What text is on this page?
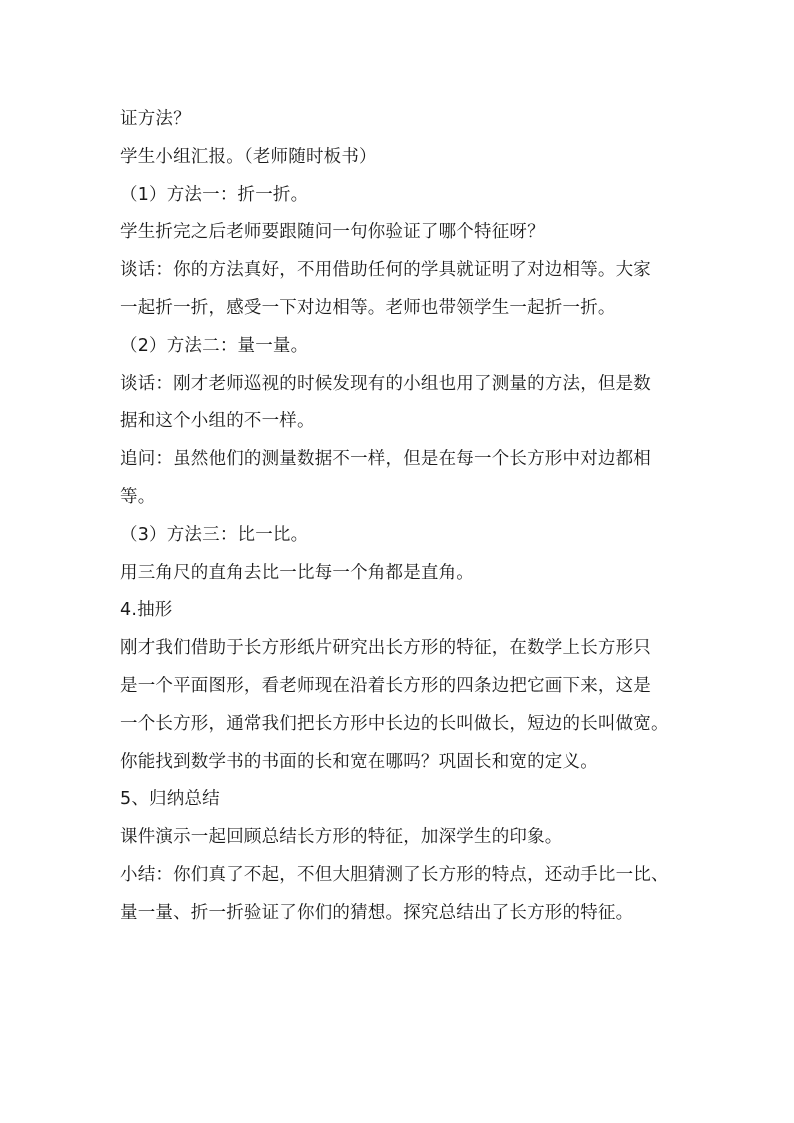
证方法？
学生小组汇报。（老师随时板书）
（1）方法一：折一折。
学生折完之后老师要跟随问一句你验证了哪个特征呀？
谈话：你的方法真好，不用借助任何的学具就证明了对边相等。大家
一起折一折，感受一下对边相等。老师也带领学生一起折一折。
（2）方法二：量一量。
谈话：刚才老师巡视的时候发现有的小组也用了测量的方法，但是数
据和这个小组的不一样。
追问：虽然他们的测量数据不一样，但是在每一个长方形中对边都相
等。
（3）方法三：比一比。
用三角尺的直角去比一比每一个角都是直角。
4.抽形
刚才我们借助于长方形纸片研究出长方形的特征，在数学上长方形只
是一个平面图形，看老师现在沿着长方形的四条边把它画下来，这是
一个长方形，通常我们把长方形中长边的长叫做长，短边的长叫做宽。
你能找到数学书的书面的长和宽在哪吗？巩固长和宽的定义。
5、归纳总结
课件演示一起回顾总结长方形的特征，加深学生的印象。
小结：你们真了不起，不但大胆猜测了长方形的特点，还动手比一比、
量一量、折一折验证了你们的猜想。探究总结出了长方形的特征。
